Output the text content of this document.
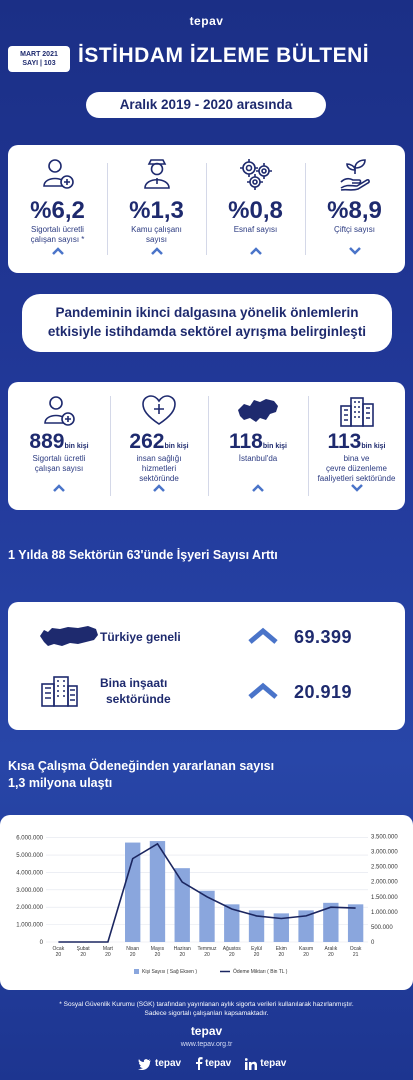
tepav
MART 2021
SAYI | 103	İSTİHDAM İZLEME BÜLTENİ
Aralık 2019 - 2020 arasında
%6,2
Sigortalı ücretli
çalışan sayısı *
%1,3
Kamu çalışanı
sayısı
%0,8
Esnaf sayısı
%8,9
Çiftçi sayısı
Pandeminin ikinci dalgasına yönelik önlemlerin
etkisiyle istihdamda sektörel ayrışma belirginleşti
889bin kişi
Sigortalı ücretli
çalışan sayısı
262bin kişi
insan sağlığı
hizmetleri
sektöründe
118bin kişi
İstanbul'da
113bin kişi
bina ve
çevre düzenleme
faaliyetleri sektöründe
1 Yılda 88 Sektörün 63'ünde İşyeri Sayısı Arttı
Türkiye geneli	69.399
Bina inşaatı
sektöründe	20.919
Kısa Çalışma Ödeneğinden yararlanan sayısı
1,3 milyona ulaştı
0
1.000.000
2.000.000
3.000.000
4.000.000
5.000.000
6.000.000
0
500.000
1.000.000
1.500.000
2.000.000
2.500.000
3.000.000
3.500.000
Ocak
20
Şubat
20
Mart
20
Nisan
20
Mayıs
20
Haziran
20
Temmuz
20
Ağustos
20
Eylül
20
Ekim
20
Kasım
20
Aralık
20
Ocak
21
Kişi Sayısı ( Sağ Eksen )	Ödeme Miktarı ( Bin TL )
* Sosyal Güvenlik Kurumu (SGK) tarafından yayınlanan aylık sigorta verileri kullanılarak hazırlanmıştır.
Sadece sigortalı çalışanları kapsamaktadır.
tepav
www.tepav.org.tr
tepav tepav	tepav
